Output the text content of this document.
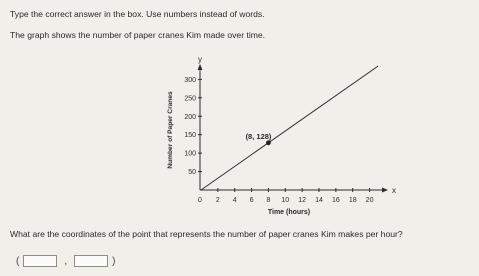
Type the correct answer in the box. Use numbers instead of words.
The graph shows the number of paper cranes Kim made over time.
50
100
150
200
250
300
2 4 6 8 10 12 14 16 18 20
y
x
0
Time (hours)
Number of Paper Cranes	(8, 128)
What are the coordinates of the point that represents the number of paper cranes Kim makes per hour?
(	,	)
